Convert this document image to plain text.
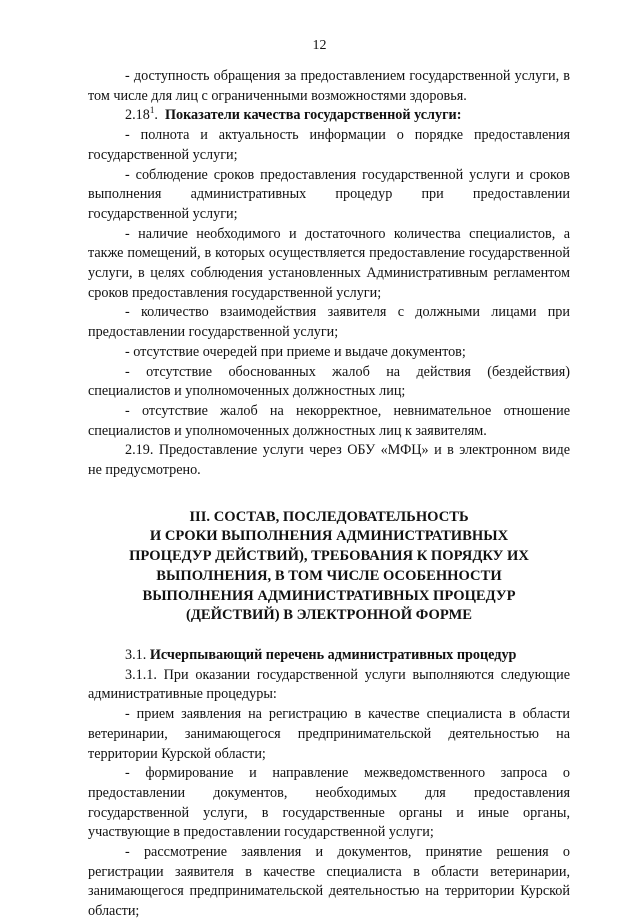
12

- доступность обращения за предоставлением государственной услуги, в том числе для лиц с ограниченными возможностями здоровья.

2.18$^1$.  Показатели качества государственной услуги:

- полнота и актуальность информации о порядке предоставления государственной услуги;

- соблюдение сроков предоставления государственной услуги и сроков выполнения административных процедур при предоставлении государственной услуги;

- наличие необходимого и достаточного количества специалистов, а также помещений, в которых осуществляется предоставление государственной услуги, в целях соблюдения установленных Административным регламентом сроков предоставления государственной услуги;

- количество взаимодействия заявителя с должными лицами при предоставлении государственной услуги;

- отсутствие очередей при приеме и выдаче документов;

- отсутствие обоснованных жалоб на действия (бездействия) специалистов и уполномоченных должностных лиц;

- отсутствие жалоб на некорректное, невнимательное отношение специалистов и уполномоченных должностных лиц к заявителям.

2.19. Предоставление услуги через ОБУ «МФЦ» и в электронном виде не предусмотрено.

III. СОСТАВ, ПОСЛЕДОВАТЕЛЬНОСТЬ
И СРОКИ ВЫПОЛНЕНИЯ АДМИНИСТРАТИВНЫХ
ПРОЦЕДУР ДЕЙСТВИЙ), ТРЕБОВАНИЯ К ПОРЯДКУ ИХ
ВЫПОЛНЕНИЯ, В ТОМ ЧИСЛЕ ОСОБЕННОСТИ
ВЫПОЛНЕНИЯ АДМИНИСТРАТИВНЫХ ПРОЦЕДУР
(ДЕЙСТВИЙ) В ЭЛЕКТРОННОЙ ФОРМЕ

3.1. Исчерпывающий перечень административных процедур

3.1.1. При оказании государственной услуги выполняются следующие административные процедуры:

- прием заявления на регистрацию в качестве специалиста в области ветеринарии, занимающегося предпринимательской деятельностью на территории Курской области;

- формирование и направление межведомственного запроса о предоставлении документов, необходимых для предоставления государственной услуги, в государственные органы и иные органы, участвующие в предоставлении государственной услуги;

- рассмотрение заявления и документов, принятие решения о регистрации заявителя в качестве специалиста в области ветеринарии, занимающегося предпринимательской деятельностью на территории Курской области;
